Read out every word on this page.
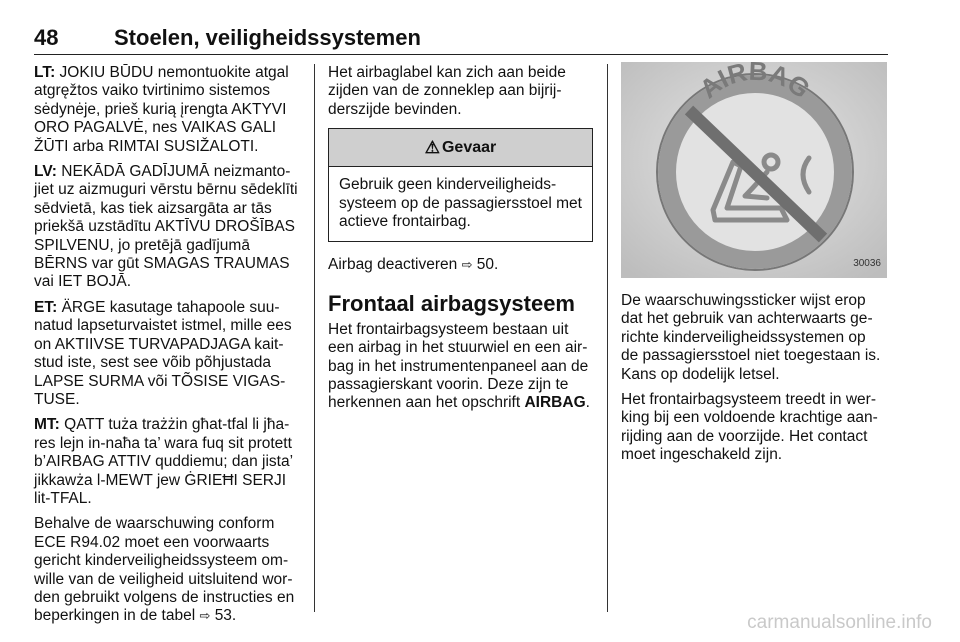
48	Stoelen, veiligheidssystemen

LT: JOKIU BŪDU nemontuokite atgal atgręžtos vaiko tvirtinimo sistemos sėdynėje, prieš kurią įrengta AKTYVI ORO PAGALVĖ, nes VAIKAS GALI ŽŪTI arba RIMTAI SUSIŽALOTI.

LV: NEKĀDĀ GADĪJUMĀ neizmantojiet uz aizmuguri vērstu bērnu sēdeklīti sēdvietā, kas tiek aizsargāta ar tās priekšā uzstādītu AKTĪVU DROŠĪBAS SPILVENU, jo pretējā gadījumā BĒRNS var gūt SMAGAS TRAUMAS vai IET BOJĀ.

ET: ÄRGE kasutage tahapoole suunatud lapseturvaistet istmel, mille ees on AKTIIVSE TURVAPADJAGA kaitstud iste, sest see võib põhjustada LAPSE SURMA või TÕSISE VIGASTUSE.

MT: QATT tuża trażżin għat-tfal li jħares lejn in-naħa ta’ wara fuq sit protett b’AIRBAG ATTIV quddiemu; dan jista’ jikkawża l-MEWT jew ĠRIEĦI SERJI lit-TFAL.

Behalve de waarschuwing conform ECE R94.02 moet een voorwaarts gericht kinderveiligheidssysteem omwille van de veiligheid uitsluitend worden gebruikt volgens de instructies en beperkingen in de tabel ⇨ 53.

Het airbaglabel kan zich aan beide zijden van de zonneklep aan bijrijderszijde bevinden.

⚠ Gevaar
Gebruik geen kinderveiligheidssysteem op de passagiersstoel met actieve frontairbag.

Airbag deactiveren ⇨ 50.

Frontaal airbagsysteem

Het frontairbagsysteem bestaan uit een airbag in het stuurwiel en een airbag in het instrumentenpaneel aan de passagierskant voorin. Deze zijn te herkennen aan het opschrift AIRBAG.

AIRBAG
30036

De waarschuwingssticker wijst erop dat het gebruik van achterwaarts gerichte kinderveiligheidssystemen op de passagiersstoel niet toegestaan is. Kans op dodelijk letsel.

Het frontairbagsysteem treedt in werking bij een voldoende krachtige aanrijding aan de voorzijde. Het contact moet ingeschakeld zijn.

carmanualsonline.info
